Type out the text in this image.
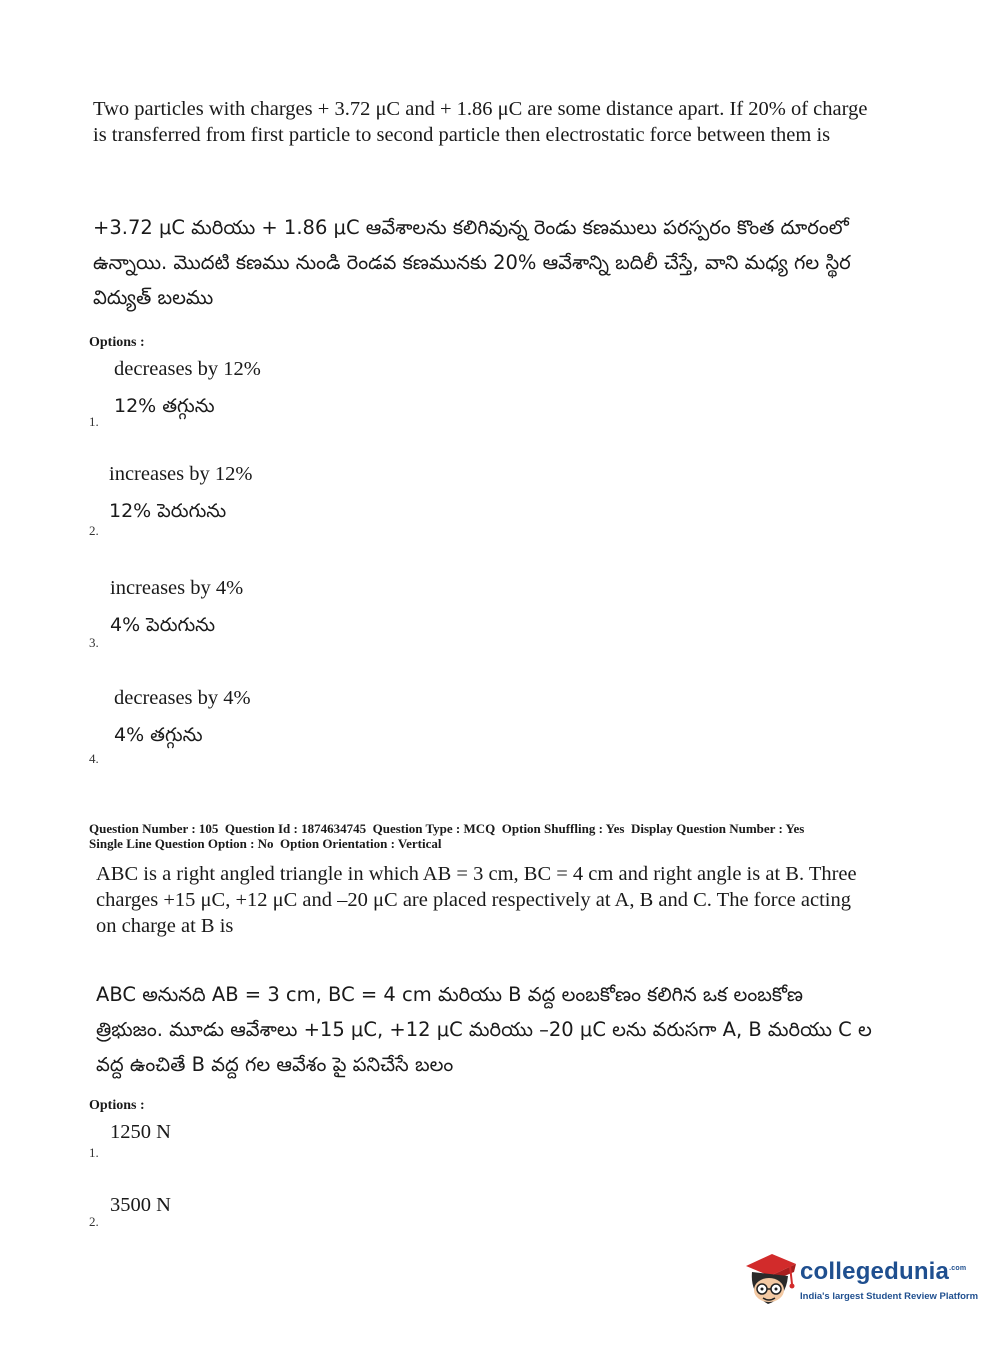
Two particles with charges + 3.72 μC and + 1.86 μC are some distance apart. If 20% of charge is transferred from first particle to second particle then electrostatic force between them is
+3.72 μC మరియు + 1.86 μC ఆవేశాలను కలిగివున్న రెండు కణములు పరస్పరం కొంత దూరంలో ఉన్నాయి. మొదటి కణము నుండి రెండవ కణమునకు 20% ఆవేశాన్ని బదిలీ చేస్తే, వాని మధ్య గల స్థిర విద్యుత్ బలము
Options :
decreases by 12%
12% తగ్గును
1.
increases by 12%
12% పెరుగును
2.
increases by 4%
4% పెరుగును
3.
decreases by 4%
4% తగ్గును
4.
Question Number : 105  Question Id : 1874634745  Question Type : MCQ  Option Shuffling : Yes  Display Question Number : Yes
Single Line Question Option : No  Option Orientation : Vertical
ABC is a right angled triangle in which AB = 3 cm, BC = 4 cm and right angle is at B. Three charges +15 μC, +12 μC and –20 μC are placed respectively at A, B and C. The force acting on charge at B is
ABC అనునది AB = 3 cm, BC = 4 cm మరియు B వద్ద లంబకోణం కలిగిన ఒక లంబకోణ త్రిభుజం. మూడు ఆవేశాలు +15 μC, +12 μC మరియు –20 μC లను వరుసగా A, B మరియు C ల వద్ద ఉంచితే B వద్ద గల ఆవేశం పై పనిచేసే బలం
Options :
1250 N
1.
3500 N
2.
collegedunia$^{.com}$
India's largest Student Review Platform
